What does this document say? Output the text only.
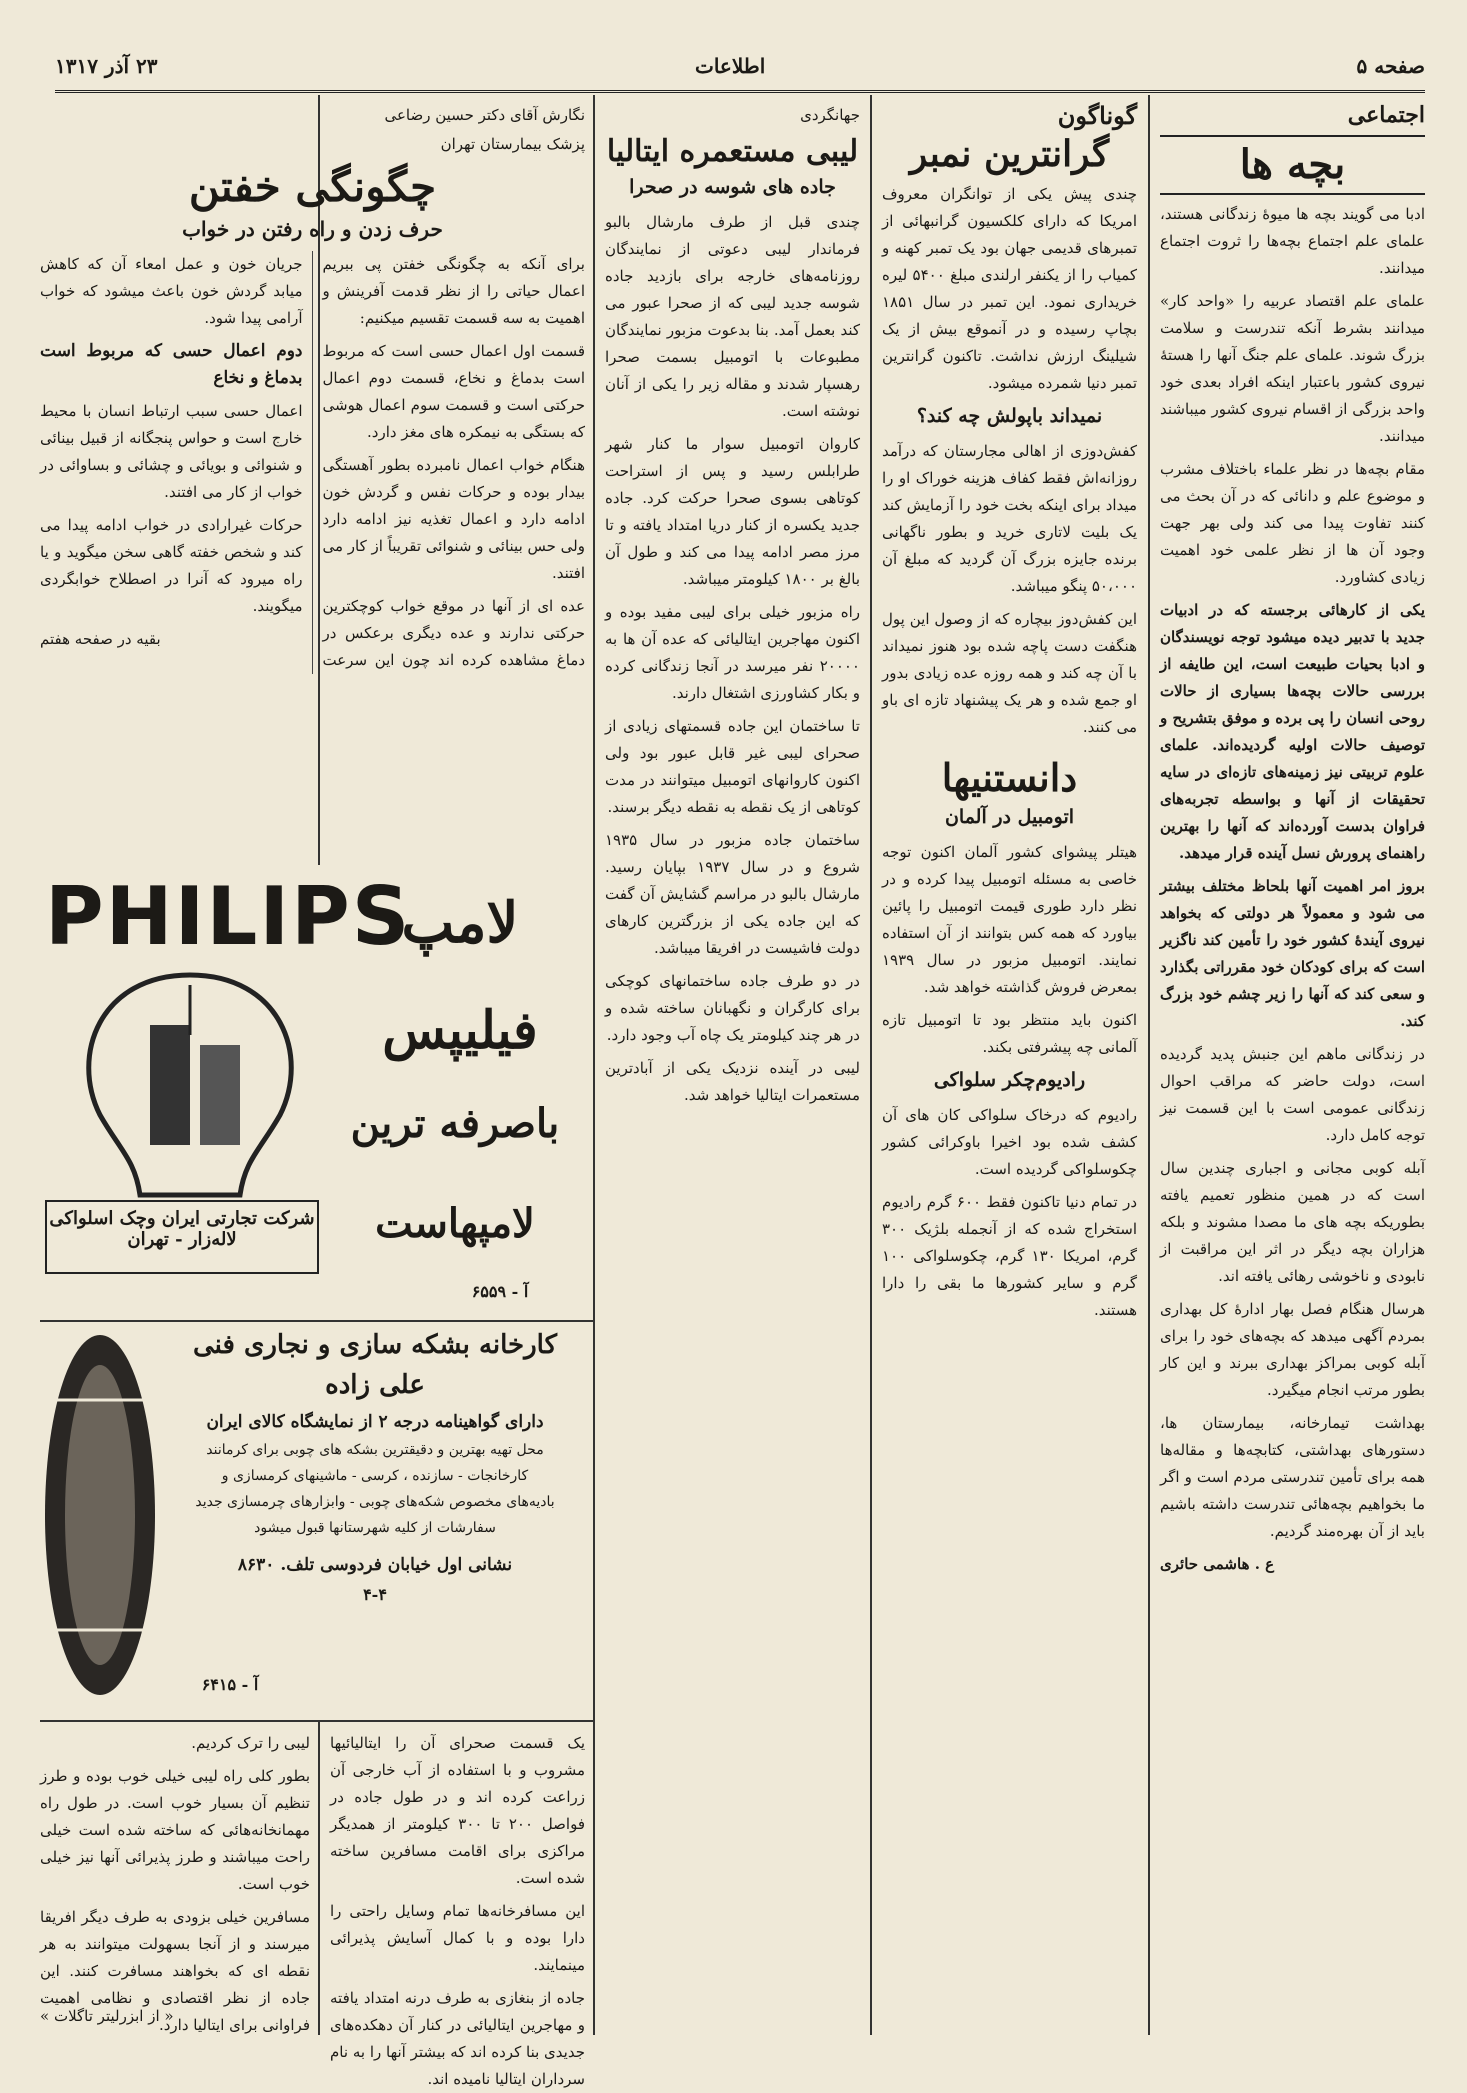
صفحه ۵
اطلاعات
۲۳ آذر ۱۳۱۷
اجتماعی
بچه ها

ادبا می گویند بچه ها میوهٔ زندگانی هستند، علمای علم اجتماع بچه‌ها را ثروت اجتماع میدانند.

علمای علم اقتصاد عربیه را «واحد کار» میدانند بشرط آنکه تندرست و سلامت بزرگ شوند. علمای علم جنگ آنها را هستهٔ نیروی کشور باعتبار اینکه افراد بعدی خود واحد بزرگی از اقسام نیروی کشور میباشند میدانند.

مقام بچه‌ها در نظر علماء باختلاف مشرب و موضوع علم و دانائی که در آن بحث می کنند تفاوت پیدا می کند ولی بهر جهت وجود آن ها از نظر علمی خود اهمیت زیادی کشاورد.

یکی از کارهائی برجسته که در ادبیات جدید با تدبیر دیده میشود توجه نویسندگان و ادبا بحیات طبیعت است، این طایفه از بررسی حالات بچه‌ها بسیاری از حالات روحی انسان را پی برده و موفق بتشریح و توصیف حالات اولیه گردیده‌اند. علمای علوم تربیتی نیز زمینه‌های تازه‌ای در سایه تحقیقات از آنها و بواسطه تجربه‌های فراوان بدست آورده‌اند که آنها را بهترین راهنمای پرورش نسل آینده قرار میدهد.

بروز امر اهمیت آنها بلحاظ مختلف بیشتر می شود و معمولاً هر دولتی که بخواهد نیروی آیندهٔ کشور خود را تأمین کند ناگزیر است که برای کودکان خود مقرراتی بگذارد و سعی کند که آنها را زیر چشم خود بزرگ کند.

در زندگانی ماهم این جنبش پدید گردیده است، دولت حاضر که مراقب احوال زندگانی عمومی است با این قسمت نیز توجه کامل دارد.

آبله کوبی مجانی و اجباری چندین سال است که در همین منظور تعمیم یافته بطوریکه بچه های ما مصدا مشوند و بلکه هزاران بچه دیگر در اثر این مراقبت از نابودی و ناخوشی رهائی یافته اند.

هرسال هنگام فصل بهار ادارهٔ کل بهداری بمردم آگهی میدهد که بچه‌های خود را برای آبله کوبی بمراکز بهداری ببرند و این کار بطور مرتب انجام میگیرد.

بهداشت تیمارخانه، بیمارستان ها، دستورهای بهداشتی، کتابچه‌ها و مقاله‌ها همه برای تأمین تندرستی مردم است و اگر ما بخواهیم بچه‌هائی تندرست داشته باشیم باید از آن بهره‌مند گردیم.

ع . هاشمی حائری

گوناگون
گرانترین نمبر

چندی پیش یکی از توانگران معروف امریکا که دارای کلکسیون گرانبهائی از تمبرهای قدیمی جهان بود یک تمبر کهنه و کمیاب را از یکنفر ارلندی مبلغ ۵۴۰۰ لیره خریداری نمود. این تمبر در سال ۱۸۵۱ بچاپ رسیده و در آنموقع بیش از یک شیلینگ ارزش نداشت. تاکنون گرانترین تمبر دنیا شمرده میشود.

نمیداند باپولش چه کند؟

کفش‌دوزی از اهالی مجارستان که درآمد روزانه‌اش فقط کفاف هزینه خوراک او را میداد برای اینکه بخت خود را آزمایش کند یک بلیت لاتاری خرید و بطور ناگهانی برنده جایزه بزرگ آن گردید که مبلغ آن ۵۰،۰۰۰ پنگو میباشد.

این کفش‌دوز بیچاره که از وصول این پول هنگفت دست پاچه شده بود هنوز نمیداند با آن چه کند و همه روزه عده زیادی بدور او جمع شده و هر یک پیشنهاد تازه ای باو می کنند.

دانستنیها
اتومبیل در آلمان

هیتلر پیشوای کشور آلمان اکنون توجه خاصی به مسئله اتومبیل پیدا کرده و در نظر دارد طوری قیمت اتومبیل را پائین بیاورد که همه کس بتوانند از آن استفاده نمایند. اتومبیل مزبور در سال ۱۹۳۹ بمعرض فروش گذاشته خواهد شد.

اکنون باید منتظر بود تا اتومبیل تازه آلمانی چه پیشرفتی بکند.

رادیوم‌چکر سلواکی

رادیوم که درخاک سلواکی کان های آن کشف شده بود اخیرا باوکرائی کشور چکوسلواکی گردیده است.

در تمام دنیا تاکنون فقط ۶۰۰ گرم رادیوم استخراج شده که از آنجمله بلژیک ۳۰۰ گرم، امریکا ۱۳۰ گرم، چکوسلواکی ۱۰۰ گرم و سایر کشورها ما بقی را دارا هستند.

جهانگردی
لیبی مستعمره ایتالیا
جاده های شوسه در صحرا

چندی قبل از طرف مارشال بالبو فرماندار لیبی دعوتی از نمایندگان روزنامه‌های خارجه برای بازدید جاده شوسه جدید لیبی که از صحرا عبور می کند بعمل آمد. بنا بدعوت مزبور نمایندگان مطبوعات با اتومبیل بسمت صحرا رهسپار شدند و مقاله زیر را یکی از آنان نوشته است.

کاروان اتومبیل سوار ما کنار شهر طرابلس رسید و پس از استراحت کوتاهی بسوی صحرا حرکت کرد. جاده جدید یکسره از کنار دریا امتداد یافته و تا مرز مصر ادامه پیدا می کند و طول آن بالغ بر ۱۸۰۰ کیلومتر میباشد.

راه مزبور خیلی برای لیبی مفید بوده و اکنون مهاجرین ایتالیائی که عده آن ها به ۲۰۰۰۰ نفر میرسد در آنجا زندگانی کرده و بکار کشاورزی اشتغال دارند.

تا ساختمان این جاده قسمتهای زیادی از صحرای لیبی غیر قابل عبور بود ولی اکنون کاروانهای اتومبیل میتوانند در مدت کوتاهی از یک نقطه به نقطه دیگر برسند.

ساختمان جاده مزبور در سال ۱۹۳۵ شروع و در سال ۱۹۳۷ بپایان رسید. مارشال بالبو در مراسم گشایش آن گفت که این جاده یکی از بزرگترین کارهای دولت فاشیست در افریقا میباشد.

در دو طرف جاده ساختمانهای کوچکی برای کارگران و نگهبانان ساخته شده و در هر چند کیلومتر یک چاه آب وجود دارد.

لیبی در آینده نزدیک یکی از آبادترین مستعمرات ایتالیا خواهد شد.

نگارش آقای دکتر حسین رضاعی
پزشک بیمارستان تهران
چگونگی خفتن
حرف زدن و راه رفتن در خواب

برای آنکه به چگونگی خفتن پی ببریم اعمال حیاتی را از نظر قدمت آفرینش و اهمیت به سه قسمت تقسیم میکنیم:

قسمت اول اعمال حسی است که مربوط است بدماغ و نخاع، قسمت دوم اعمال حرکتی است و قسمت سوم اعمال هوشی که بستگی به نیمکره های مغز دارد.

هنگام خواب اعمال نامبرده بطور آهستگی بیدار بوده و حرکات نفس و گردش خون ادامه دارد و اعمال تغذیه نیز ادامه دارد ولی حس بینائی و شنوائی تقریباً از کار می افتند.

عده ای از آنها در موقع خواب کوچکترین حرکتی ندارند و عده دیگری برعکس در دماغ مشاهده کرده اند چون این سرعت جریان خون و عمل امعاء آن که کاهش میابد گردش خون باعث میشود که خواب آرامی پیدا شود.

دوم اعمال حسی که مربوط است بدماغ و نخاع

اعمال حسی سبب ارتباط انسان با محیط خارج است و حواس پنجگانه از قبیل بینائی و شنوائی و بویائی و چشائی و بساوائی در خواب از کار می افتند.

حرکات غیرارادی در خواب ادامه پیدا می کند و شخص خفته گاهی سخن میگوید و یا راه میرود که آنرا در اصطلاح خوابگردی میگویند.

بقیه در صفحه هفتم

PHILIPS
لامپ
فیلیپس
باصرفه ترین
شرکت تجارتی ایران وچک اسلواکی
لاله‌زار - تهران	لامپهاست
آ - ۶۵۵۹
کارخانه بشکه سازی و نجاری فنی
علی زاده
دارای گواهینامه درجه ۲ از نمایشگاه کالای ایران
محل تهیه بهترین و دقیقترین بشکه های چوبی برای کرمانند
کارخانجات - سازنده ، کرسی - ماشینهای کرمسازی و
بادیه‌های مخصوص شکه‌های چوبی - وابزارهای چرمسازی جدید
سفارشات از کلیه شهرستانها قبول میشود
نشانی اول خیابان فردوسی تلف. ۸۶۳۰
۴-۴
آ - ۶۴۱۵

یک قسمت صحرای آن را ایتالیائیها مشروب و با استفاده از آب خارجی آن زراعت کرده اند و در طول جاده در فواصل ۲۰۰ تا ۳۰۰ کیلومتر از همدیگر مراکزی برای اقامت مسافرین ساخته شده است.

این مسافرخانه‌ها تمام وسایل راحتی را دارا بوده و با کمال آسایش پذیرائی مینمایند.

جاده از بنغازی به طرف درنه امتداد یافته و مهاجرین ایتالیائی در کنار آن دهکده‌های جدیدی بنا کرده اند که بیشتر آنها را به نام سرداران ایتالیا نامیده اند.

لیبی را ترک کردیم.

بطور کلی راه لیبی خیلی خوب بوده و طرز تنظیم آن بسیار خوب است. در طول راه مهمانخانه‌هائی که ساخته شده است خیلی راحت میباشند و طرز پذیرائی آنها نیز خیلی خوب است.

مسافرین خیلی بزودی به طرف دیگر افریقا میرسند و از آنجا بسهولت میتوانند به هر نقطه ای که بخواهند مسافرت کنند. این جاده از نظر اقتصادی و نظامی اهمیت فراوانی برای ایتالیا دارد.

« از ابزرلیتر تاگلات »
